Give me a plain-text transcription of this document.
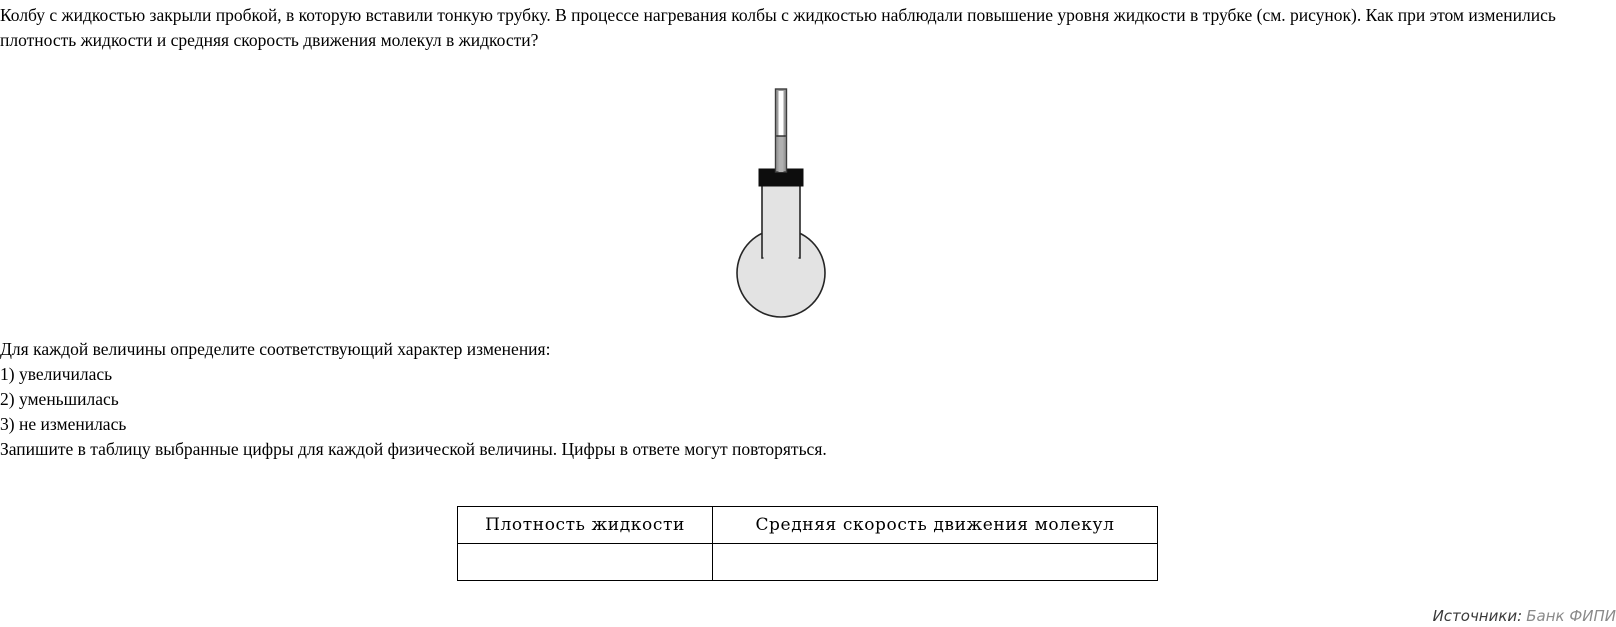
Колбу с жидкостью закрыли пробкой, в которую вставили тонкую трубку. В процессе нагревания колбы с жидкостью наблюдали повышение уровня жидкости в трубке (см. рисунок). Как при этом изменились плотность жидкости и средняя скорость движения молекул в жидкости?
Для каждой величины определите соответствующий характер изменения:
1) увеличилась
2) уменьшилась
3) не изменилась
Запишите в таблицу выбранные цифры для каждой физической величины. Цифры в ответе могут повторяться.
Плотность жидкости	Средняя скорость движения молекул

Источники: Банк ФИПИ
